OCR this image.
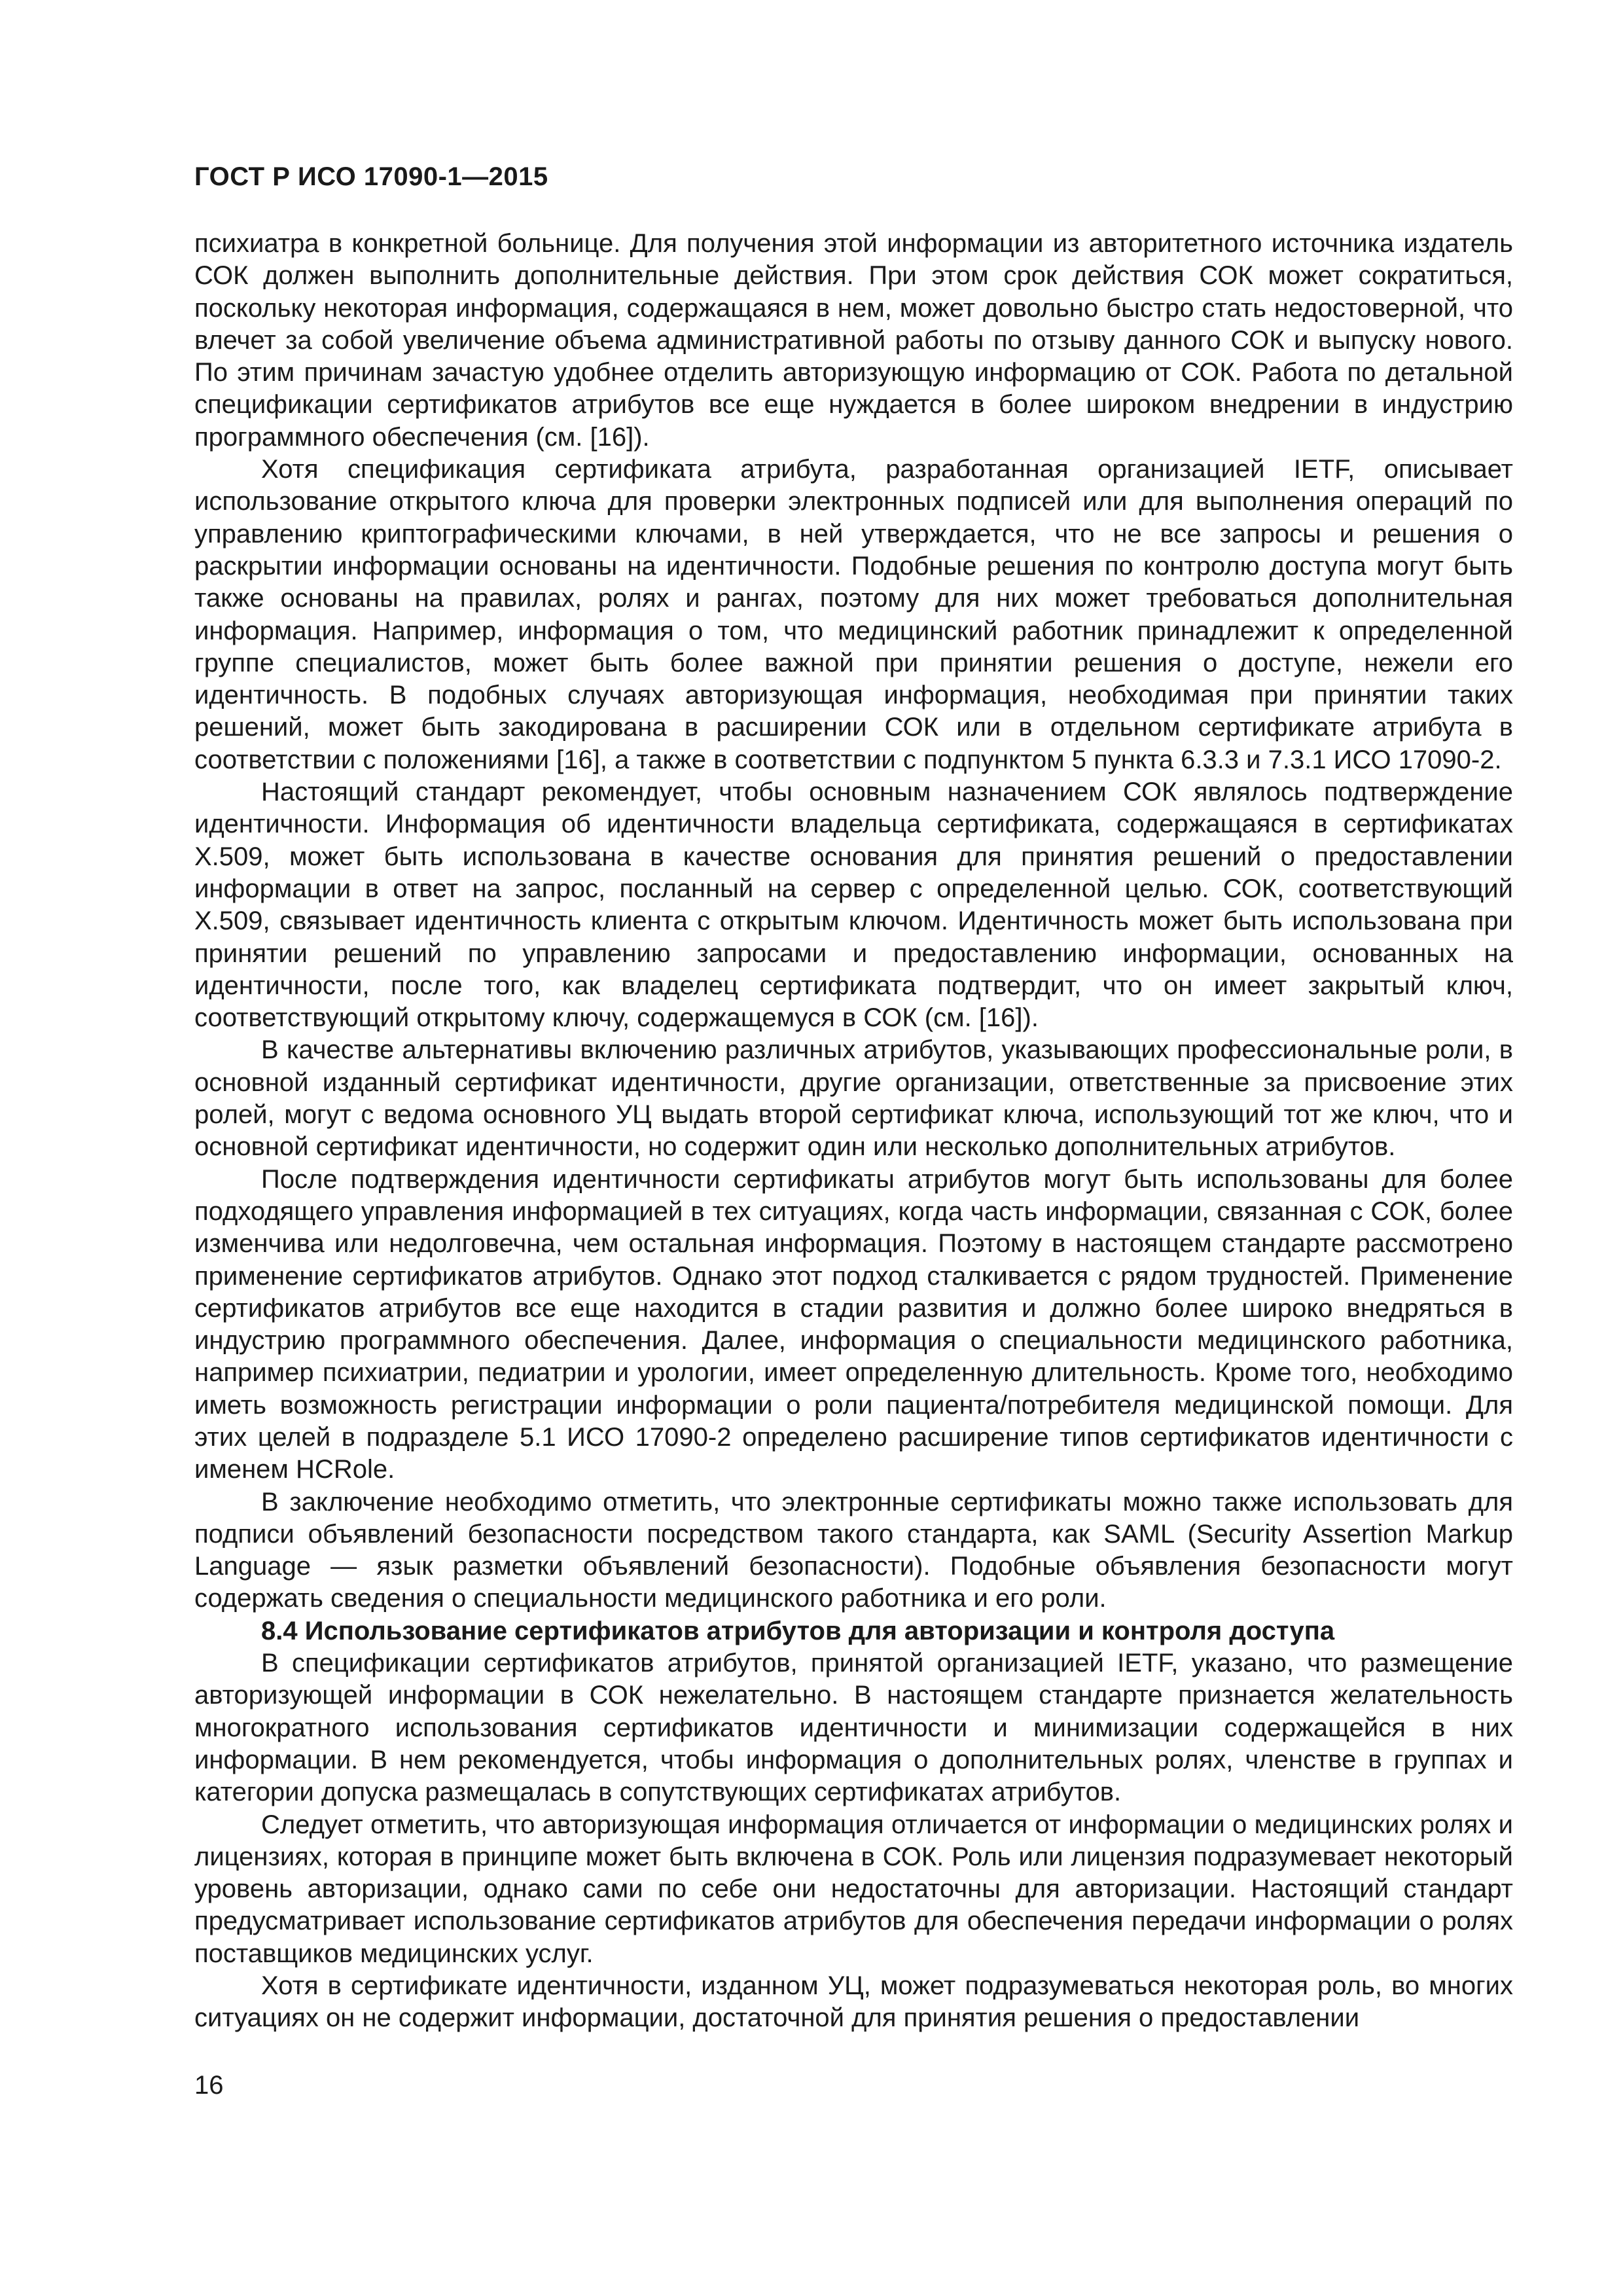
ГОСТ Р ИСО 17090-1—2015

психиатра в конкретной больнице. Для получения этой информации из авторитетного источника издатель СОК должен выполнить дополнительные действия. При этом срок действия СОК может сократиться, поскольку некоторая информация, содержащаяся в нем, может довольно быстро стать недостоверной, что влечет за собой увеличение объема административной работы по отзыву данного СОК и выпуску нового. По этим причинам зачастую удобнее отделить авторизующую информацию от СОК. Работа по детальной спецификации сертификатов атрибутов все еще нуждается в более широком внедрении в индустрию программного обеспечения (см. [16]).

Хотя спецификация сертификата атрибута, разработанная организацией IETF, описывает использование открытого ключа для проверки электронных подписей или для выполнения операций по управлению криптографическими ключами, в ней утверждается, что не все запросы и решения о раскрытии информации основаны на идентичности. Подобные решения по контролю доступа могут быть также основаны на правилах, ролях и рангах, поэтому для них может требоваться дополнительная информация. Например, информация о том, что медицинский работник принадлежит к определенной группе специалистов, может быть более важной при принятии решения о доступе, нежели его идентичность. В подобных случаях авторизующая информация, необходимая при принятии таких решений, может быть закодирована в расширении СОК или в отдельном сертификате атрибута в соответствии с положениями [16], а также в соответствии с подпунктом 5 пункта 6.3.3 и 7.3.1 ИСО 17090-2.

Настоящий стандарт рекомендует, чтобы основным назначением СОК являлось подтверждение идентичности. Информация об идентичности владельца сертификата, содержащаяся в сертификатах X.509, может быть использована в качестве основания для принятия решений о предоставлении информации в ответ на запрос, посланный на сервер с определенной целью. СОК, соответствующий X.509, связывает идентичность клиента с открытым ключом. Идентичность может быть использована при принятии решений по управлению запросами и предоставлению информации, основанных на идентичности, после того, как владелец сертификата подтвердит, что он имеет закрытый ключ, соответствующий открытому ключу, содержащемуся в СОК (см. [16]).

В качестве альтернативы включению различных атрибутов, указывающих профессиональные роли, в основной изданный сертификат идентичности, другие организации, ответственные за присвоение этих ролей, могут с ведома основного УЦ выдать второй сертификат ключа, использующий тот же ключ, что и основной сертификат идентичности, но содержит один или несколько дополнительных атрибутов.

После подтверждения идентичности сертификаты атрибутов могут быть использованы для более подходящего управления информацией в тех ситуациях, когда часть информации, связанная с СОК, более изменчива или недолговечна, чем остальная информация. Поэтому в настоящем стандарте рассмотрено применение сертификатов атрибутов. Однако этот подход сталкивается с рядом трудностей. Применение сертификатов атрибутов все еще находится в стадии развития и должно более широко внедряться в индустрию программного обеспечения. Далее, информация о специальности медицинского работника, например психиатрии, педиатрии и урологии, имеет определенную длительность. Кроме того, необходимо иметь возможность регистрации информации о роли пациента/потребителя медицинской помощи. Для этих целей в подразделе 5.1 ИСО 17090-2 определено расширение типов сертификатов идентичности с именем HCRole.

В заключение необходимо отметить, что электронные сертификаты можно также использовать для подписи объявлений безопасности посредством такого стандарта, как SAML (Security Assertion Markup Language — язык разметки объявлений безопасности). Подобные объявления безопасности могут содержать сведения о специальности медицинского работника и его роли.

8.4 Использование сертификатов атрибутов для авторизации и контроля доступа

В спецификации сертификатов атрибутов, принятой организацией IETF, указано, что размещение авторизующей информации в СОК нежелательно. В настоящем стандарте признается желательность многократного использования сертификатов идентичности и минимизации содержащейся в них информации. В нем рекомендуется, чтобы информация о дополнительных ролях, членстве в группах и категории допуска размещалась в сопутствующих сертификатах атрибутов.

Следует отметить, что авторизующая информация отличается от информации о медицинских ролях и лицензиях, которая в принципе может быть включена в СОК. Роль или лицензия подразумевает некоторый уровень авторизации, однако сами по себе они недостаточны для авторизации. Настоящий стандарт предусматривает использование сертификатов атрибутов для обеспечения передачи информации о ролях поставщиков медицинских услуг.

Хотя в сертификате идентичности, изданном УЦ, может подразумеваться некоторая роль, во многих ситуациях он не содержит информации, достаточной для принятия решения о предоставлении

16
